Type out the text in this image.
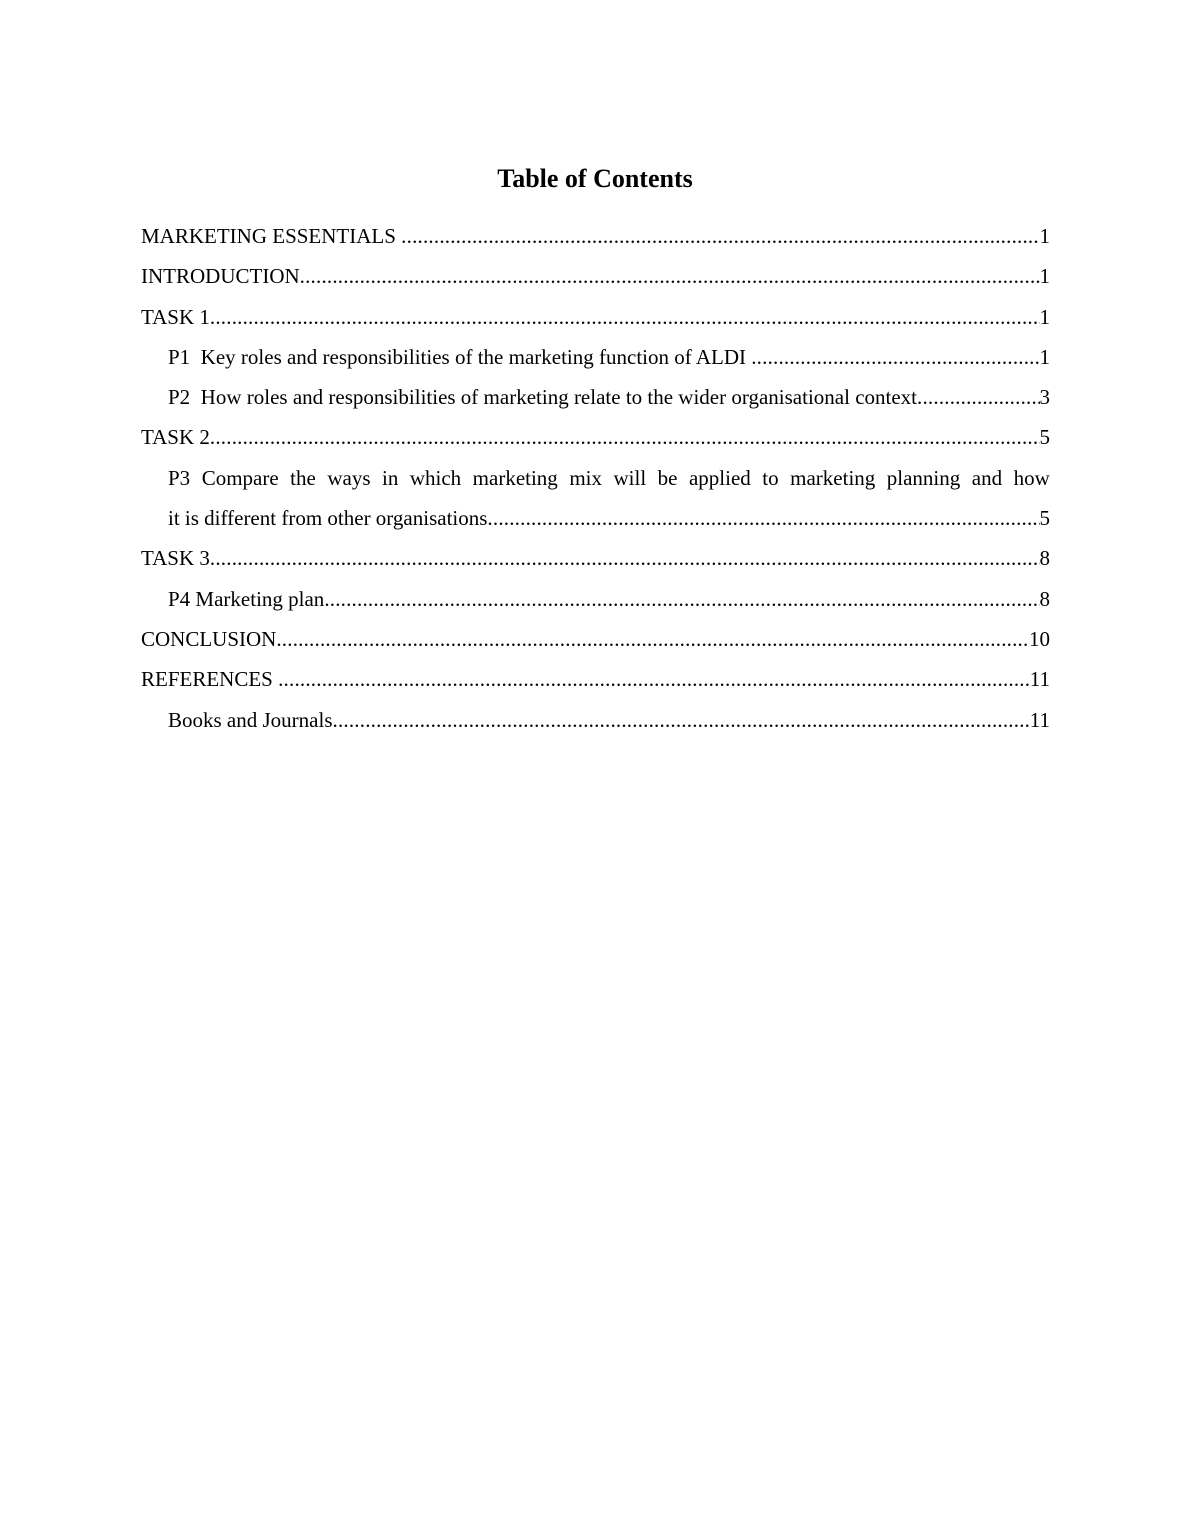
Table of Contents
MARKETING ESSENTIALS .....	1
INTRODUCTION .....	1
TASK 1 .....	1
P1  Key roles and responsibilities of the marketing function of ALDI .....	1
P2  How roles and responsibilities of marketing relate to the wider organisational context .....	3
TASK 2 .....	5
P3 Compare the ways in which marketing mix will be applied to marketing planning and how
it is different from other organisations .....	5
TASK 3 .....	8
P4 Marketing plan .....	8
CONCLUSION .....	10
REFERENCES .....	11
Books and Journals .....	11
